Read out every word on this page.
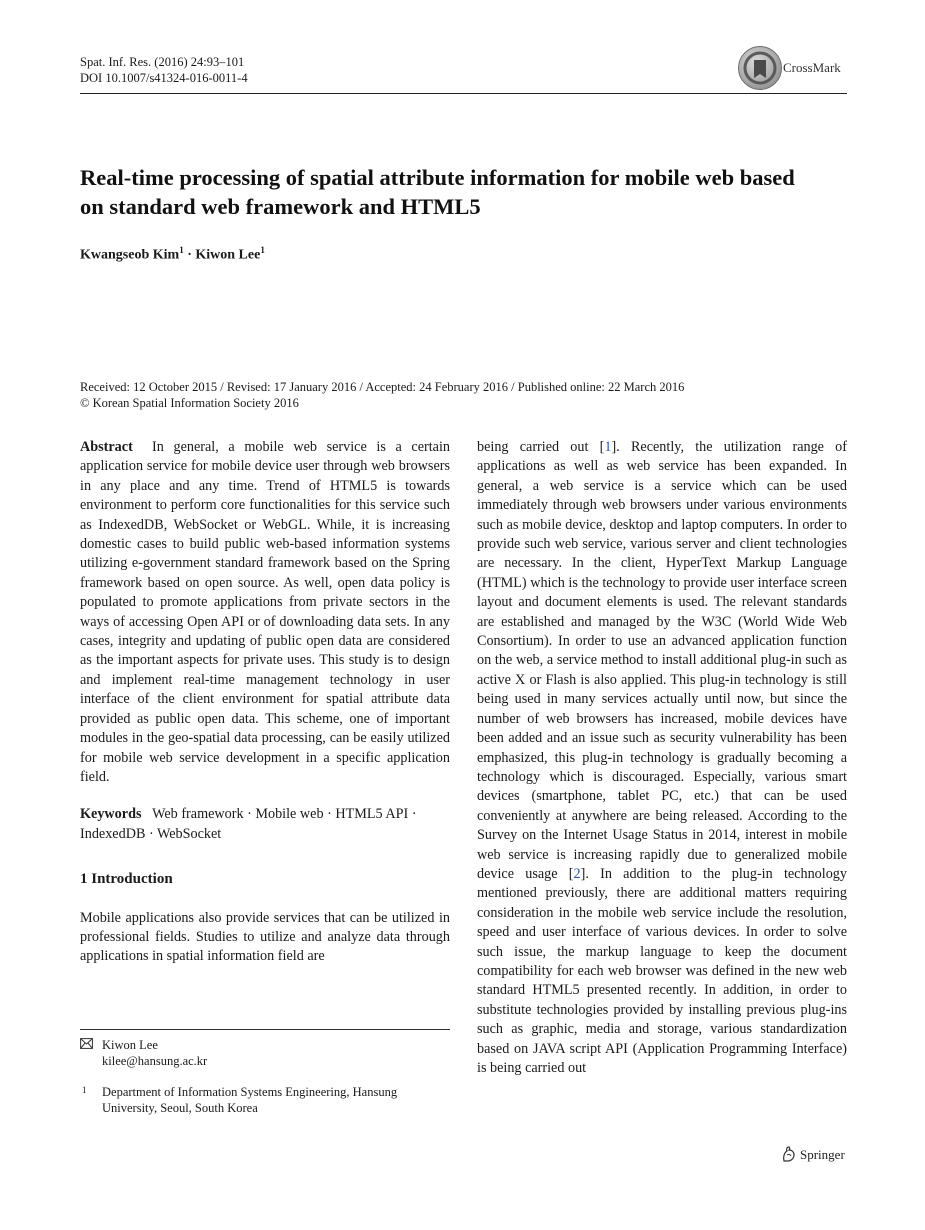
Spat. Inf. Res. (2016) 24:93–101
DOI 10.1007/s41324-016-0011-4
CrossMark
Real-time processing of spatial attribute information for mobile web based on standard web framework and HTML5
Kwangseob Kim$^1$ · Kiwon Lee$^1$
Received: 12 October 2015 / Revised: 17 January 2016 / Accepted: 24 February 2016 / Published online: 22 March 2016
© Korean Spatial Information Society 2016

Abstract In general, a mobile web service is a certain application service for mobile device user through web browsers in any place and any time. Trend of HTML5 is towards environment to perform core functionalities for this service such as IndexedDB, WebSocket or WebGL. While, it is increasing domestic cases to build public web-based information systems utilizing e-government standard framework based on the Spring framework based on open source. As well, open data policy is populated to promote applications from private sectors in the ways of accessing Open API or of downloading data sets. In any cases, integrity and updating of public open data are considered as the important aspects for private uses. This study is to design and implement real-time management technology in user interface of the client environment for spatial attribute data provided as public open data. This scheme, one of important modules in the geo-spatial data processing, can be easily utilized for mobile web service development in a specific application field.

Keywords Web framework · Mobile web · HTML5 API · IndexedDB · WebSocket

1 Introduction

Mobile applications also provide services that can be utilized in professional fields. Studies to utilize and analyze data through applications in spatial information field are

Kiwon Lee
kilee@hansung.ac.kr
1 Department of Information Systems Engineering, Hansung
University, Seoul, South Korea

being carried out [1]. Recently, the utilization range of applications as well as web service has been expanded. In general, a web service is a service which can be used immediately through web browsers under various environments such as mobile device, desktop and laptop computers. In order to provide such web service, various server and client technologies are necessary. In the client, HyperText Markup Language (HTML) which is the technology to provide user interface screen layout and document elements is used. The relevant standards are established and managed by the W3C (World Wide Web Consortium). In order to use an advanced application function on the web, a service method to install additional plug-in such as active X or Flash is also applied. This plug-in technology is still being used in many services actually until now, but since the number of web browsers has increased, mobile devices have been added and an issue such as security vulnerability has been emphasized, this plug-in technology is gradually becoming a technology which is discouraged. Especially, various smart devices (smartphone, tablet PC, etc.) that can be used conveniently at anywhere are being released. According to the Survey on the Internet Usage Status in 2014, interest in mobile web service is increasing rapidly due to generalized mobile device usage [2]. In addition to the plug-in technology mentioned previously, there are additional matters requiring consideration in the mobile web service include the resolution, speed and user interface of various devices. In order to solve such issue, the markup language to keep the document compatibility for each web browser was defined in the new web standard HTML5 presented recently. In addition, in order to substitute technologies provided by installing previous plug-ins such as graphic, media and storage, various standardization based on JAVA script API (Application Programming Interface) is being carried out

Springer
